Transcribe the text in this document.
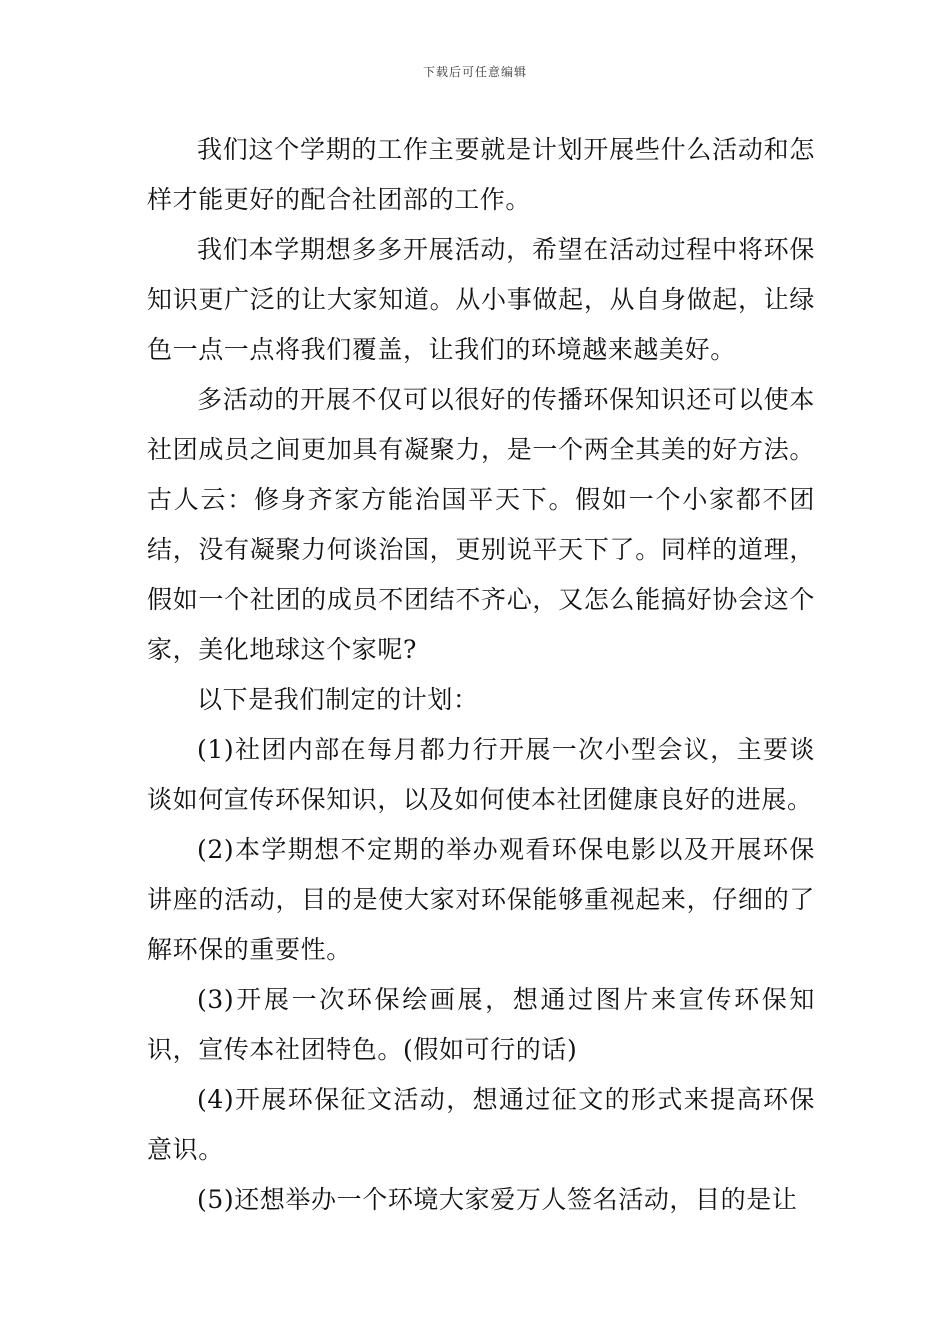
下载后可任意编辑

我们这个学期的工作主要就是计划开展些什么活动和怎样才能更好的配合社团部的工作。

我们本学期想多多开展活动，希望在活动过程中将环保知识更广泛的让大家知道。从小事做起，从自身做起，让绿色一点一点将我们覆盖，让我们的环境越来越美好。

多活动的开展不仅可以很好的传播环保知识还可以使本社团成员之间更加具有凝聚力，是一个两全其美的好方法。古人云：修身齐家方能治国平天下。假如一个小家都不团结，没有凝聚力何谈治国，更别说平天下了。同样的道理，假如一个社团的成员不团结不齐心，又怎么能搞好协会这个家，美化地球这个家呢?

以下是我们制定的计划：

(1)社团内部在每月都力行开展一次小型会议，主要谈谈如何宣传环保知识，以及如何使本社团健康良好的进展。

(2)本学期想不定期的举办观看环保电影以及开展环保讲座的活动，目的是使大家对环保能够重视起来，仔细的了解环保的重要性。

(3)开展一次环保绘画展，想通过图片来宣传环保知识，宣传本社团特色。(假如可行的话)

(4)开展环保征文活动，想通过征文的形式来提高环保意识。

(5)还想举办一个环境大家爱万人签名活动，目的是让
